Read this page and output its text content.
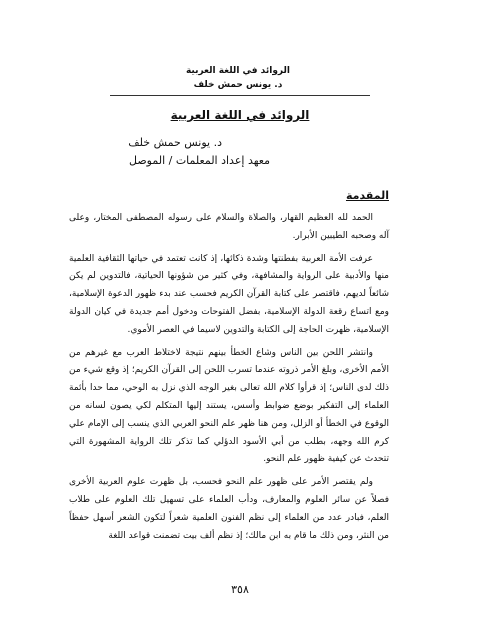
الروائد في اللغة العربية
د. يونس حمش خلف
الروائد في اللغة العربية
د. يونس حمش خلف
معهد إعداد المعلمات / الموصل
المقدمة

الحمد لله العظيم القهار، والصلاة والسلام على رسوله المصطفى المختار، وعلى آله وصحبه الطيبين الأبرار.

عرفت الأمة العربية بفطنتها وشدة ذكائها، إذ كانت تعتمد في حياتها الثقافية العلمية منها والأدبية على الرواية والمشافهة، وفي كثير من شؤونها الحياتية، فالتدوين لم يكن شائعاً لديهم، فاقتصر على كتابة القرآن الكريم فحسب عند بدء ظهور الدعوة الإسلامية، ومع اتساع رقعة الدولة الإسلامية، بفضل الفتوحات ودخول أمم جديدة في كيان الدولة الإسلامية، ظهرت الحاجة إلى الكتابة والتدوين لاسيما في العصر الأموي.

وانتشر اللحن بين الناس وشاع الخطأ بينهم نتيجة لاختلاط العرب مع غيرهم من الأمم الأخرى، وبلغ الأمر ذروته عندما تسرب اللحن إلى القرآن الكريم؛ إذ وقع شيء من ذلك لدى الناس؛ إذ قرأوا كلام الله تعالى بغير الوجه الذي نزل به الوحي، مما حدا بأئمة العلماء إلى التفكير بوضع ضوابط وأسس، يستند إليها المتكلم لكي يصون لسانه من الوقوع في الخطأ أو الزلل، ومن هنا ظهر علم النحو العربي الذي ينسب إلى الإمام علي كرم الله وجهه، بطلب من أبي الأسود الدؤلي كما تذكر تلك الرواية المشهورة التي تتحدث عن كيفية ظهور علم النحو.

ولم يقتصر الأمر على ظهور علم النحو فحسب، بل ظهرت علوم العربية الأخرى فصلاً عن سائر العلوم والمعارف، ودأب العلماء على تسهيل تلك العلوم على طلاب العلم، فبادر عدد من العلماء إلى نظم الفنون العلمية شعراً لتكون الشعر أسهل حفظاً من النثر، ومن ذلك ما قام به ابن مالك؛ إذ نظم ألف بيت تضمنت قواعد اللغة

٣٥٨
